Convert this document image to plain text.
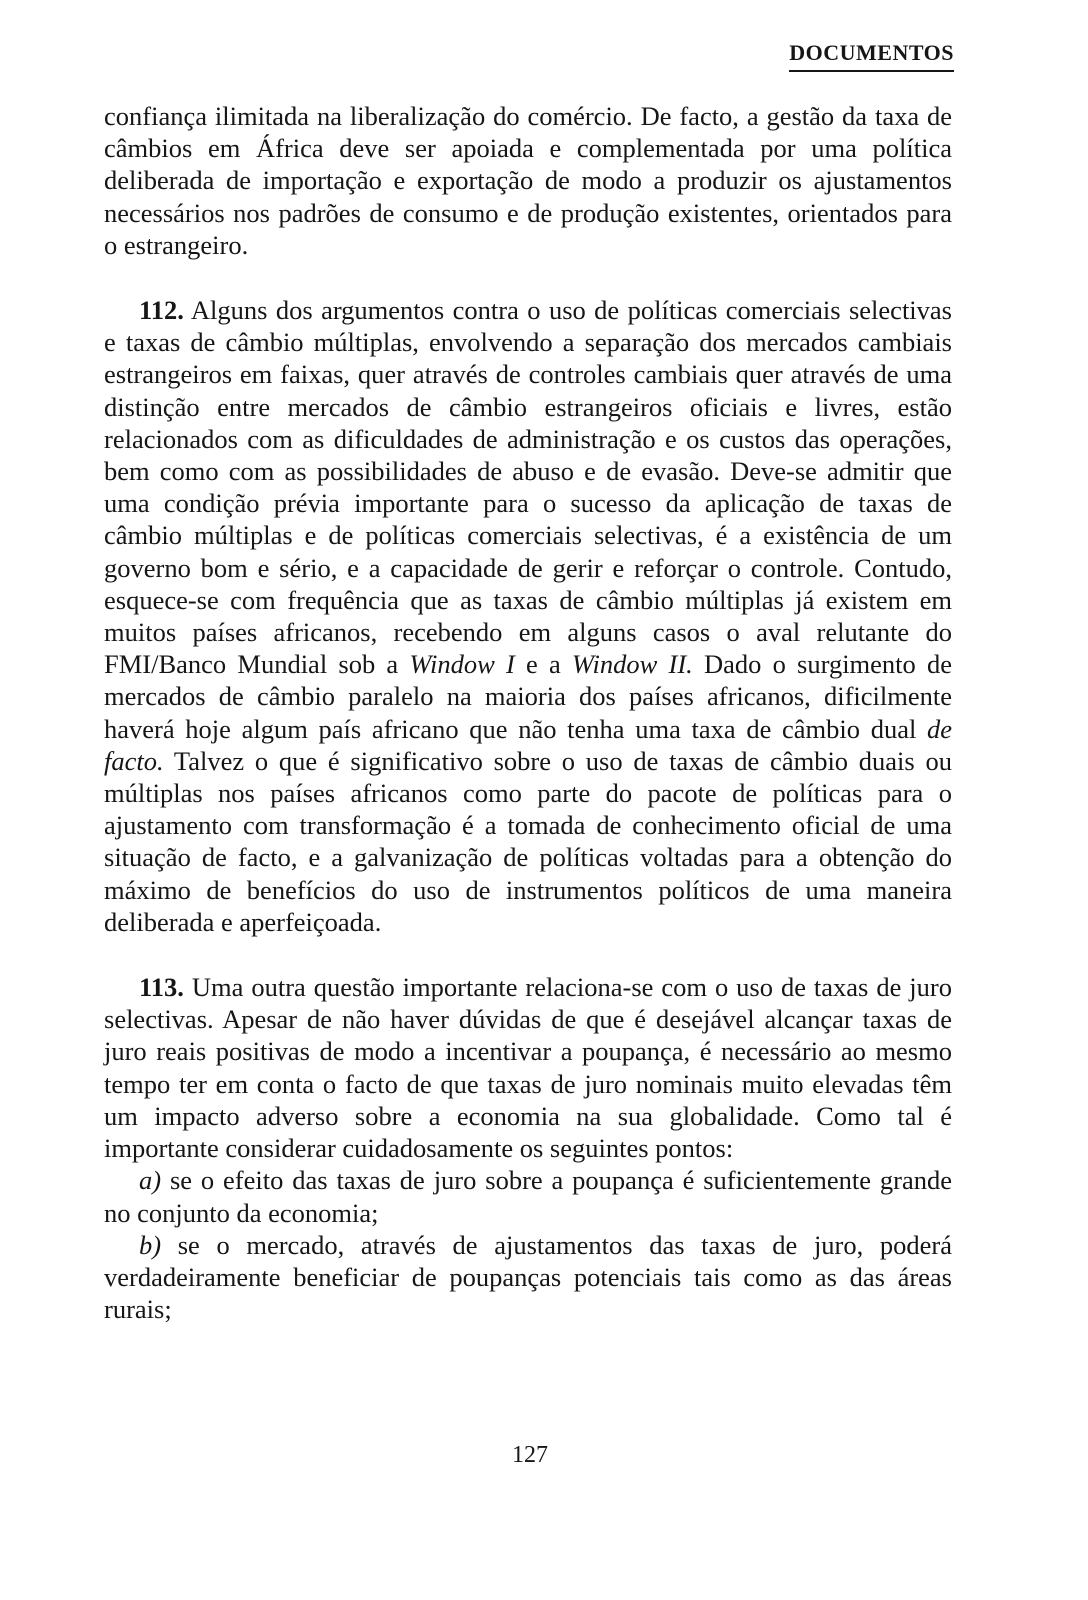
DOCUMENTOS

confiança ilimitada na liberalização do comércio. De facto, a gestão da taxa de câmbios em África deve ser apoiada e complementada por uma política deliberada de importação e exportação de modo a produzir os ajustamentos necessários nos padrões de consumo e de produção existentes, orientados para o estrangeiro.

112. Alguns dos argumentos contra o uso de políticas comerciais selectivas e taxas de câmbio múltiplas, envolvendo a separação dos mercados cambiais estrangeiros em faixas, quer através de controles cambiais quer através de uma distinção entre mercados de câmbio estrangeiros oficiais e livres, estão relacionados com as dificuldades de administração e os custos das operações, bem como com as possibilidades de abuso e de evasão. Deve-se admitir que uma condição prévia importante para o sucesso da aplicação de taxas de câmbio múltiplas e de políticas comerciais selectivas, é a existência de um governo bom e sério, e a capacidade de gerir e reforçar o controle. Contudo, esquece-se com frequência que as taxas de câmbio múltiplas já existem em muitos países africanos, recebendo em alguns casos o aval relutante do FMI/Banco Mundial sob a Window I e a Window II. Dado o surgimento de mercados de câmbio paralelo na maioria dos países africanos, dificilmente haverá hoje algum país africano que não tenha uma taxa de câmbio dual de facto. Talvez o que é significativo sobre o uso de taxas de câmbio duais ou múltiplas nos países africanos como parte do pacote de políticas para o ajustamento com transformação é a tomada de conhecimento oficial de uma situação de facto, e a galvanização de políticas voltadas para a obtenção do máximo de benefícios do uso de instrumentos políticos de uma maneira deliberada e aperfeiçoada.

113. Uma outra questão importante relaciona-se com o uso de taxas de juro selectivas. Apesar de não haver dúvidas de que é desejável alcançar taxas de juro reais positivas de modo a incentivar a poupança, é necessário ao mesmo tempo ter em conta o facto de que taxas de juro nominais muito elevadas têm um impacto adverso sobre a economia na sua globalidade. Como tal é importante considerar cuidadosamente os seguintes pontos:

a) se o efeito das taxas de juro sobre a poupança é suficientemente grande no conjunto da economia;

b) se o mercado, através de ajustamentos das taxas de juro, poderá verdadeiramente beneficiar de poupanças potenciais tais como as das áreas rurais;

127
